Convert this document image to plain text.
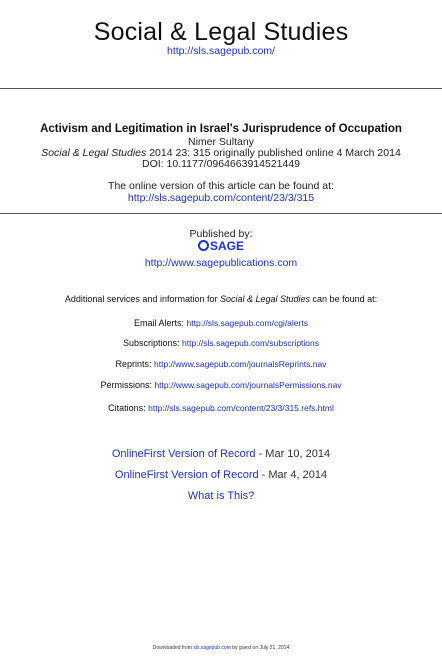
Social & Legal Studies
http://sls.sagepub.com/
Activism and Legitimation in Israel's Jurisprudence of Occupation
Nimer Sultany
Social & Legal Studies 2014 23: 315 originally published online 4 March 2014
DOI: 10.1177/0964663914521449
The online version of this article can be found at:
http://sls.sagepub.com/content/23/3/315
Published by:
SAGE
http://www.sagepublications.com
Additional services and information for Social & Legal Studies can be found at:
Email Alerts: http://sls.sagepub.com/cgi/alerts
Subscriptions: http://sls.sagepub.com/subscriptions
Reprints: http://www.sagepub.com/journalsReprints.nav
Permissions: http://www.sagepub.com/journalsPermissions.nav
Citations: http://sls.sagepub.com/content/23/3/315.refs.html
OnlineFirst Version of Record - Mar 10, 2014
OnlineFirst Version of Record - Mar 4, 2014
What is This?
Downloaded from sls.sagepub.com by guest on July 21, 2014
